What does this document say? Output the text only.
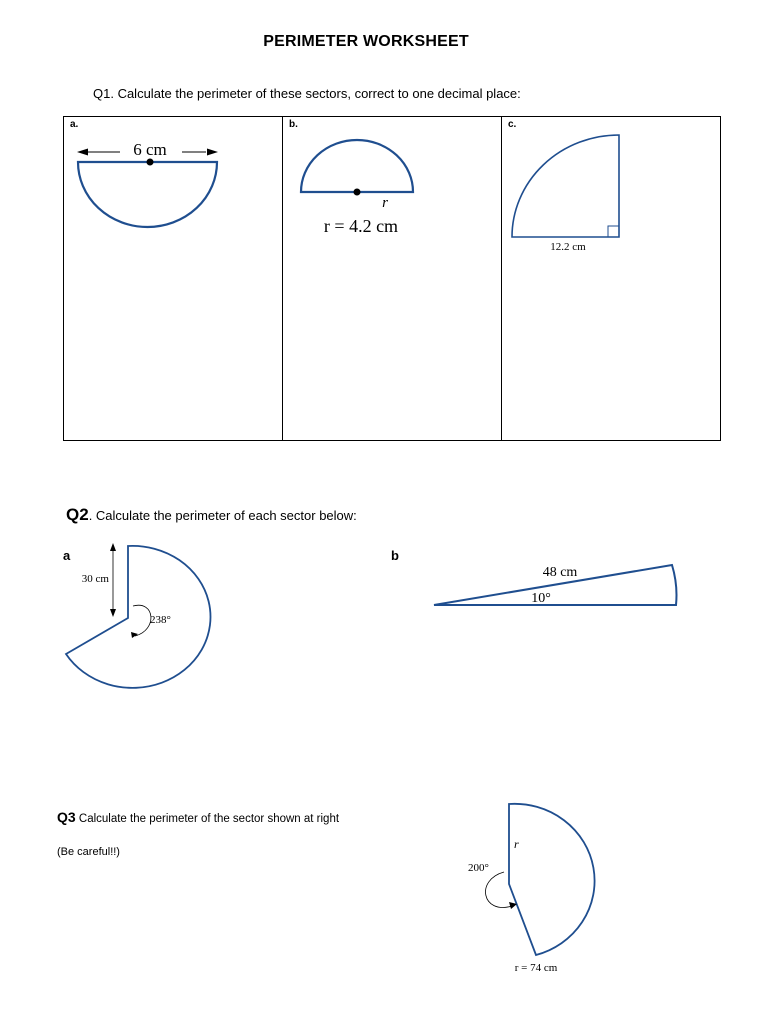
PERIMETER WORKSHEET
Q1. Calculate the perimeter of these sectors, correct to one decimal place:
a.
6 cm
b.
r
r = 4.2 cm
c.
12.2 cm
Q2. Calculate the perimeter of each sector below:
a	b
30 cm
238°
48 cm
10°
Q3 Calculate the perimeter of the sector shown at right
(Be careful!!)
r
200°
r = 74 cm
